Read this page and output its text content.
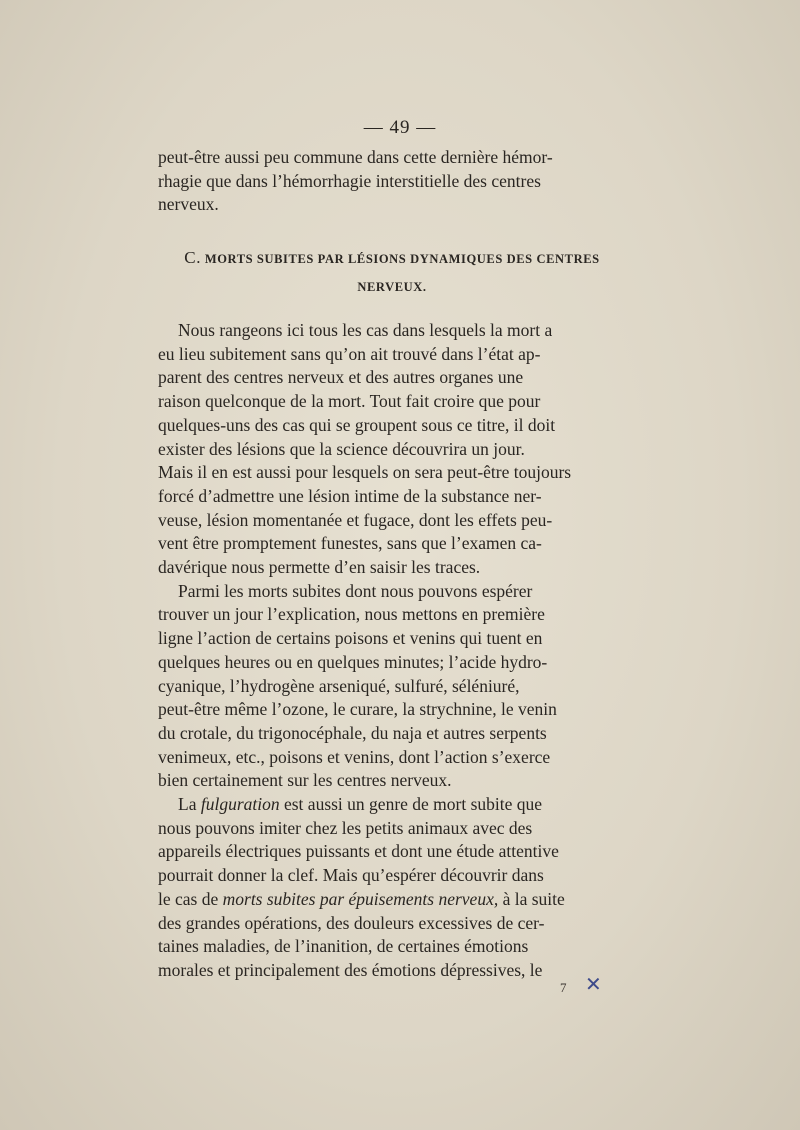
— 49 —
peut-être aussi peu commune dans cette dernière hémor-
rhagie que dans l’hémorrhagie interstitielle des centres
nerveux.
C. MORTS SUBITES PAR LÉSIONS DYNAMIQUES DES CENTRES
NERVEUX.
Nous rangeons ici tous les cas dans lesquels la mort a
eu lieu subitement sans qu’on ait trouvé dans l’état ap-
parent des centres nerveux et des autres organes une
raison quelconque de la mort. Tout fait croire que pour
quelques-uns des cas qui se groupent sous ce titre, il doit
exister des lésions que la science découvrira un jour.
Mais il en est aussi pour lesquels on sera peut-être toujours
forcé d’admettre une lésion intime de la substance ner-
veuse, lésion momentanée et fugace, dont les effets peu-
vent être promptement funestes, sans que l’examen ca-
davérique nous permette d’en saisir les traces.
Parmi les morts subites dont nous pouvons espérer
trouver un jour l’explication, nous mettons en première
ligne l’action de certains poisons et venins qui tuent en
quelques heures ou en quelques minutes; l’acide hydro-
cyanique, l’hydrogène arseniqué, sulfuré, séléniuré,
peut-être même l’ozone, le curare, la strychnine, le venin
du crotale, du trigonocéphale, du naja et autres serpents
venimeux, etc., poisons et venins, dont l’action s’exerce
bien certainement sur les centres nerveux.
La fulguration est aussi un genre de mort subite que
nous pouvons imiter chez les petits animaux avec des
appareils électriques puissants et dont une étude attentive
pourrait donner la clef. Mais qu’espérer découvrir dans
le cas de morts subites par épuisements nerveux, à la suite
des grandes opérations, des douleurs excessives de cer-
taines maladies, de l’inanition, de certaines émotions
morales et principalement des émotions dépressives, le
7 ✕
